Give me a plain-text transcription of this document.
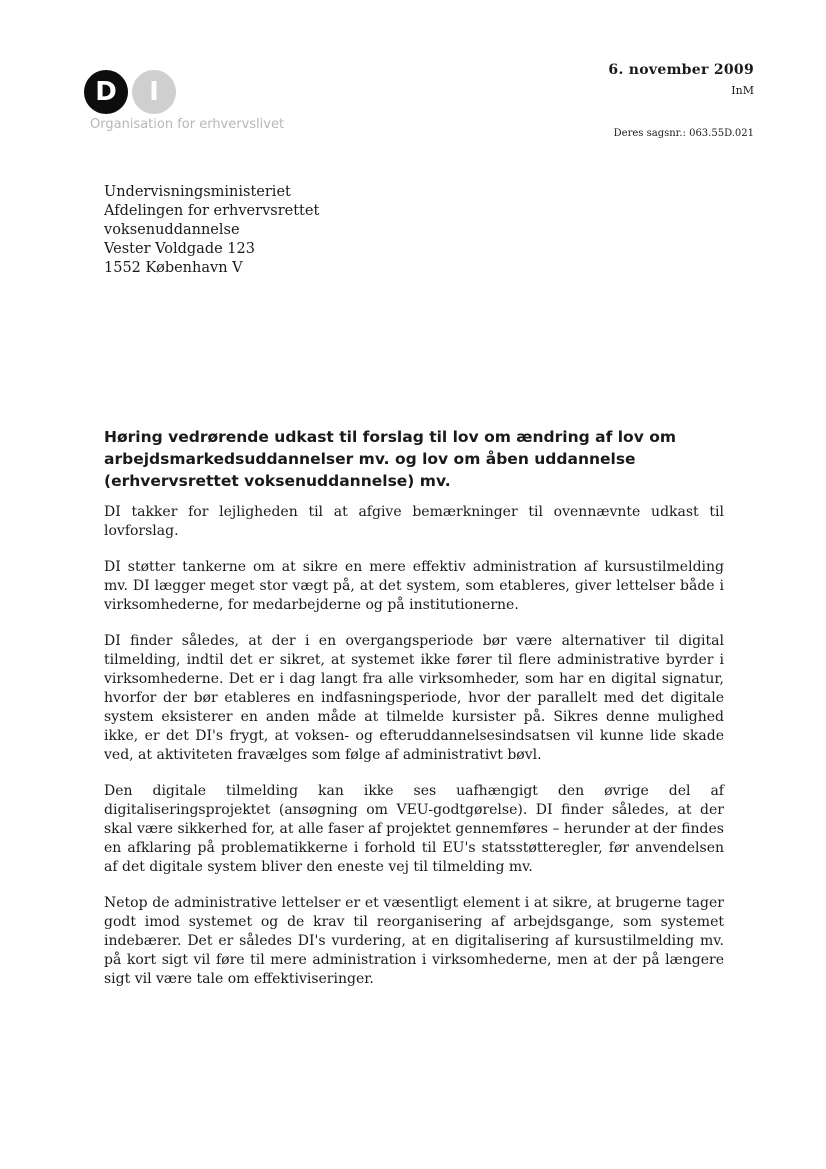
D I
Organisation for erhvervslivet
6. november 2009
InM
Deres sagsnr.: 063.55D.021
Undervisningsministeriet
Afdelingen for erhvervsrettet
voksenuddannelse
Vester Voldgade 123
1552 København V
Høring vedrørende udkast til forslag til lov om ændring af lov om arbejdsmarkedsuddannelser mv. og lov om åben uddannelse (erhvervsrettet voksenuddannelse) mv.

DI takker for lejligheden til at afgive bemærkninger til ovennævnte udkast til lovforslag.

DI støtter tankerne om at sikre en mere effektiv administration af kursustilmelding mv. DI lægger meget stor vægt på, at det system, som etableres, giver lettelser både i virksomhederne, for medarbejderne og på institutionerne.

DI finder således, at der i en overgangsperiode bør være alternativer til digital tilmelding, indtil det er sikret, at systemet ikke fører til flere administrative byrder i virksomhederne. Det er i dag langt fra alle virksomheder, som har en digital signatur, hvorfor der bør etableres en indfasningsperiode, hvor der parallelt med det digitale system eksisterer en anden måde at tilmelde kursister på. Sikres denne mulighed ikke, er det DI's frygt, at voksen- og efteruddannelsesindsatsen vil kunne lide skade ved, at aktiviteten fravælges som følge af administrativt bøvl.

Den digitale tilmelding kan ikke ses uafhængigt den øvrige del af digitaliseringsprojektet (ansøgning om VEU-godtgørelse). DI finder således, at der skal være sikkerhed for, at alle faser af projektet gennemføres – herunder at der findes en afklaring på problematikkerne i forhold til EU's statsstøtteregler, før anvendelsen af det digitale system bliver den eneste vej til tilmelding mv.

Netop de administrative lettelser er et væsentligt element i at sikre, at brugerne tager godt imod systemet og de krav til reorganisering af arbejdsgange, som systemet indebærer. Det er således DI's vurdering, at en digitalisering af kursustilmelding mv. på kort sigt vil føre til mere administration i virksomhederne, men at der på længere sigt vil være tale om effektiviseringer.
